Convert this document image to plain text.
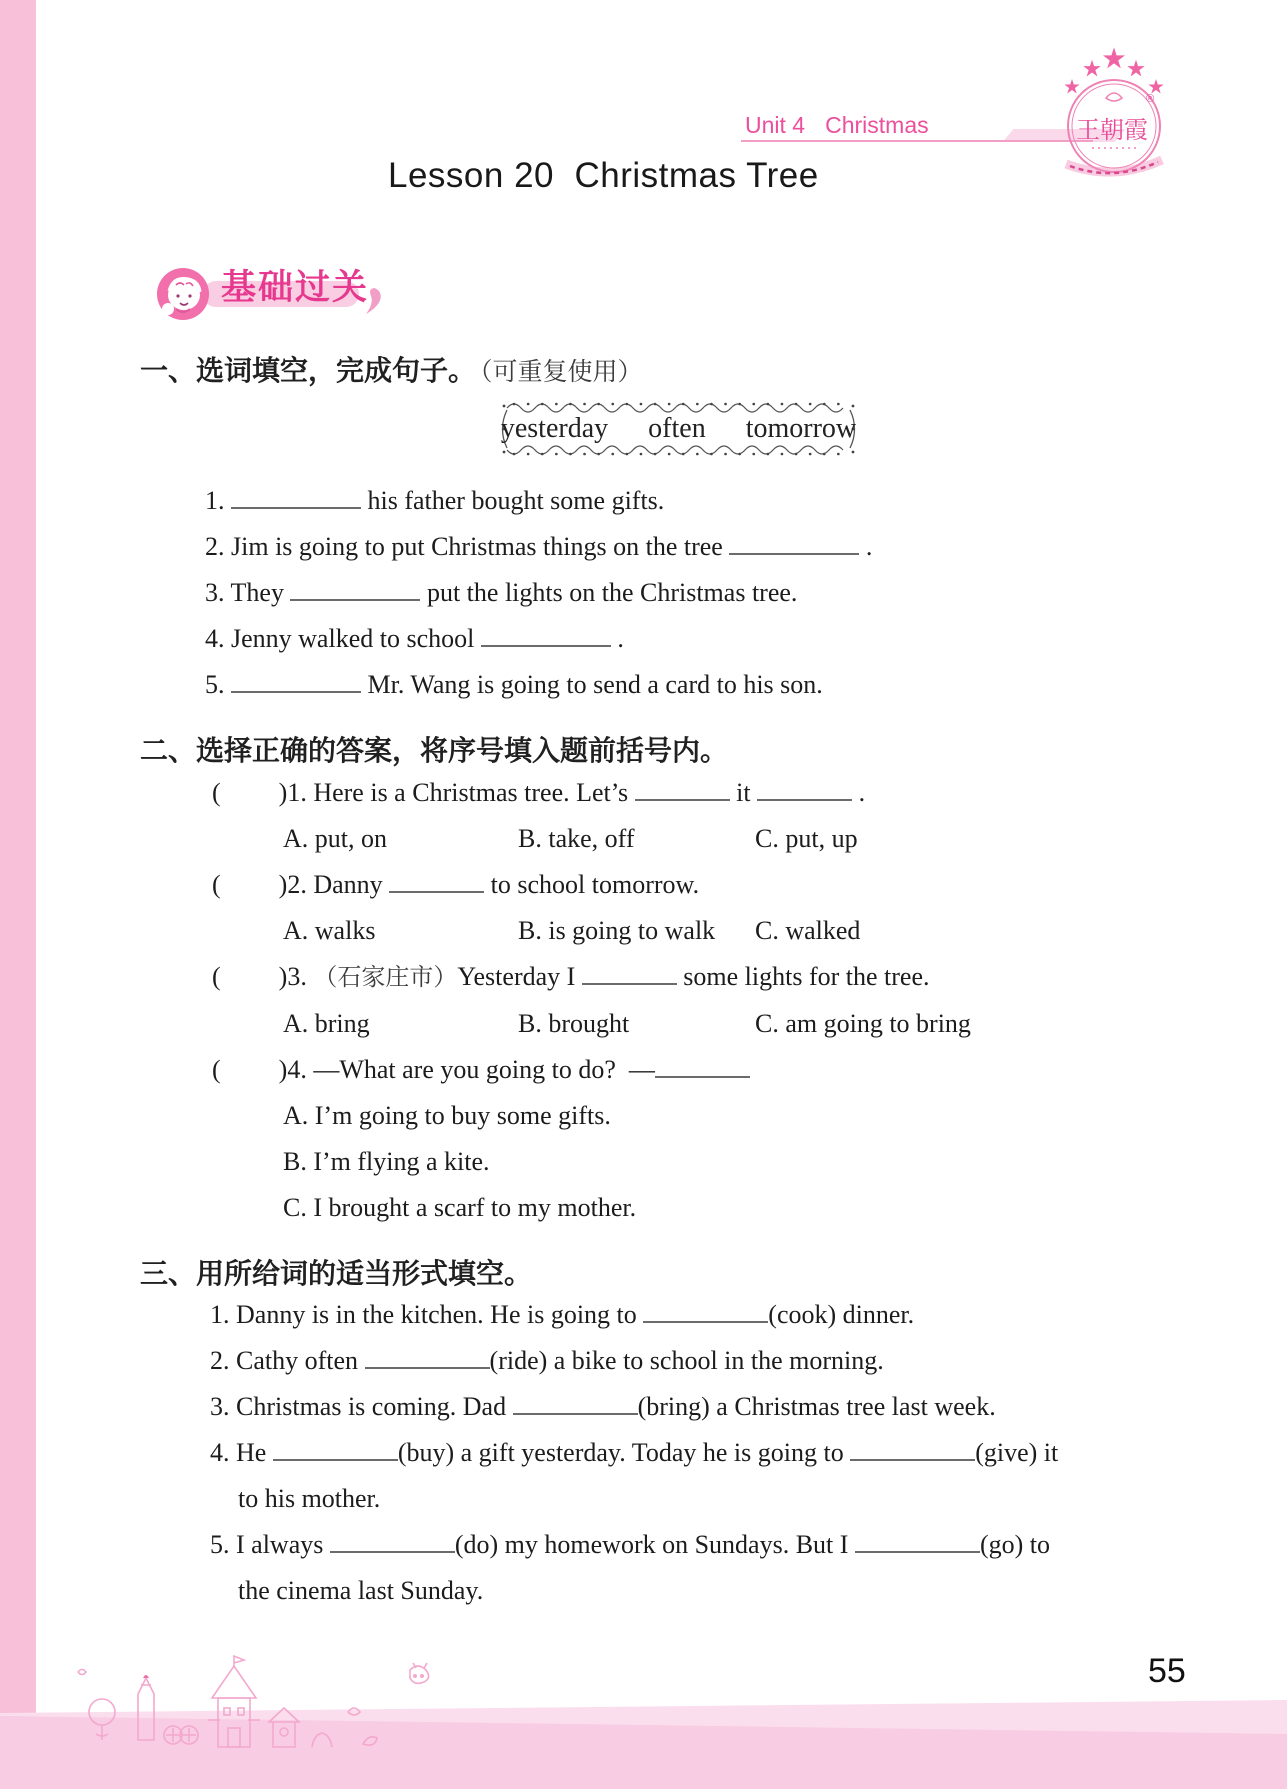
Unit 4 Christmas	王朝霞
®
Lesson 20  Christmas Tree
基础过关
一、选词填空，完成句子。 （可重复使用）
yesterday often tomorrow
1.	his father bought some gifts.
2. Jim is going to put Christmas things on the tree	.
3. They	put the lights on the Christmas tree.
4. Jenny walked to school	.
5.	Mr. Wang is going to send a card to his son.
二、选择正确的答案，将序号填入题前括号内。
( )1. Here is a Christmas tree. Let’s	it	.
A. put, on	B. take, off	C. put, up
( )2. Danny	to school tomorrow.
A. walks	B. is going to walk	C. walked
( )3. （石家庄市）Yesterday I	some lights for the tree.
A. bring	B. brought	C. am going to bring
( )4. —What are you going to do?  —
A. I’m going to buy some gifts.
B. I’m flying a kite.
C. I brought a scarf to my mother.
三、用所给词的适当形式填空。
1. Danny is in the kitchen. He is going to	(cook) dinner.
2. Cathy often	(ride) a bike to school in the morning.
3. Christmas is coming. Dad	(bring) a Christmas tree last week.
4. He	(buy) a gift yesterday. Today he is going to	(give) it
to his mother.
5. I always	(do) my homework on Sundays. But I	(go) to
the cinema last Sunday.
55
